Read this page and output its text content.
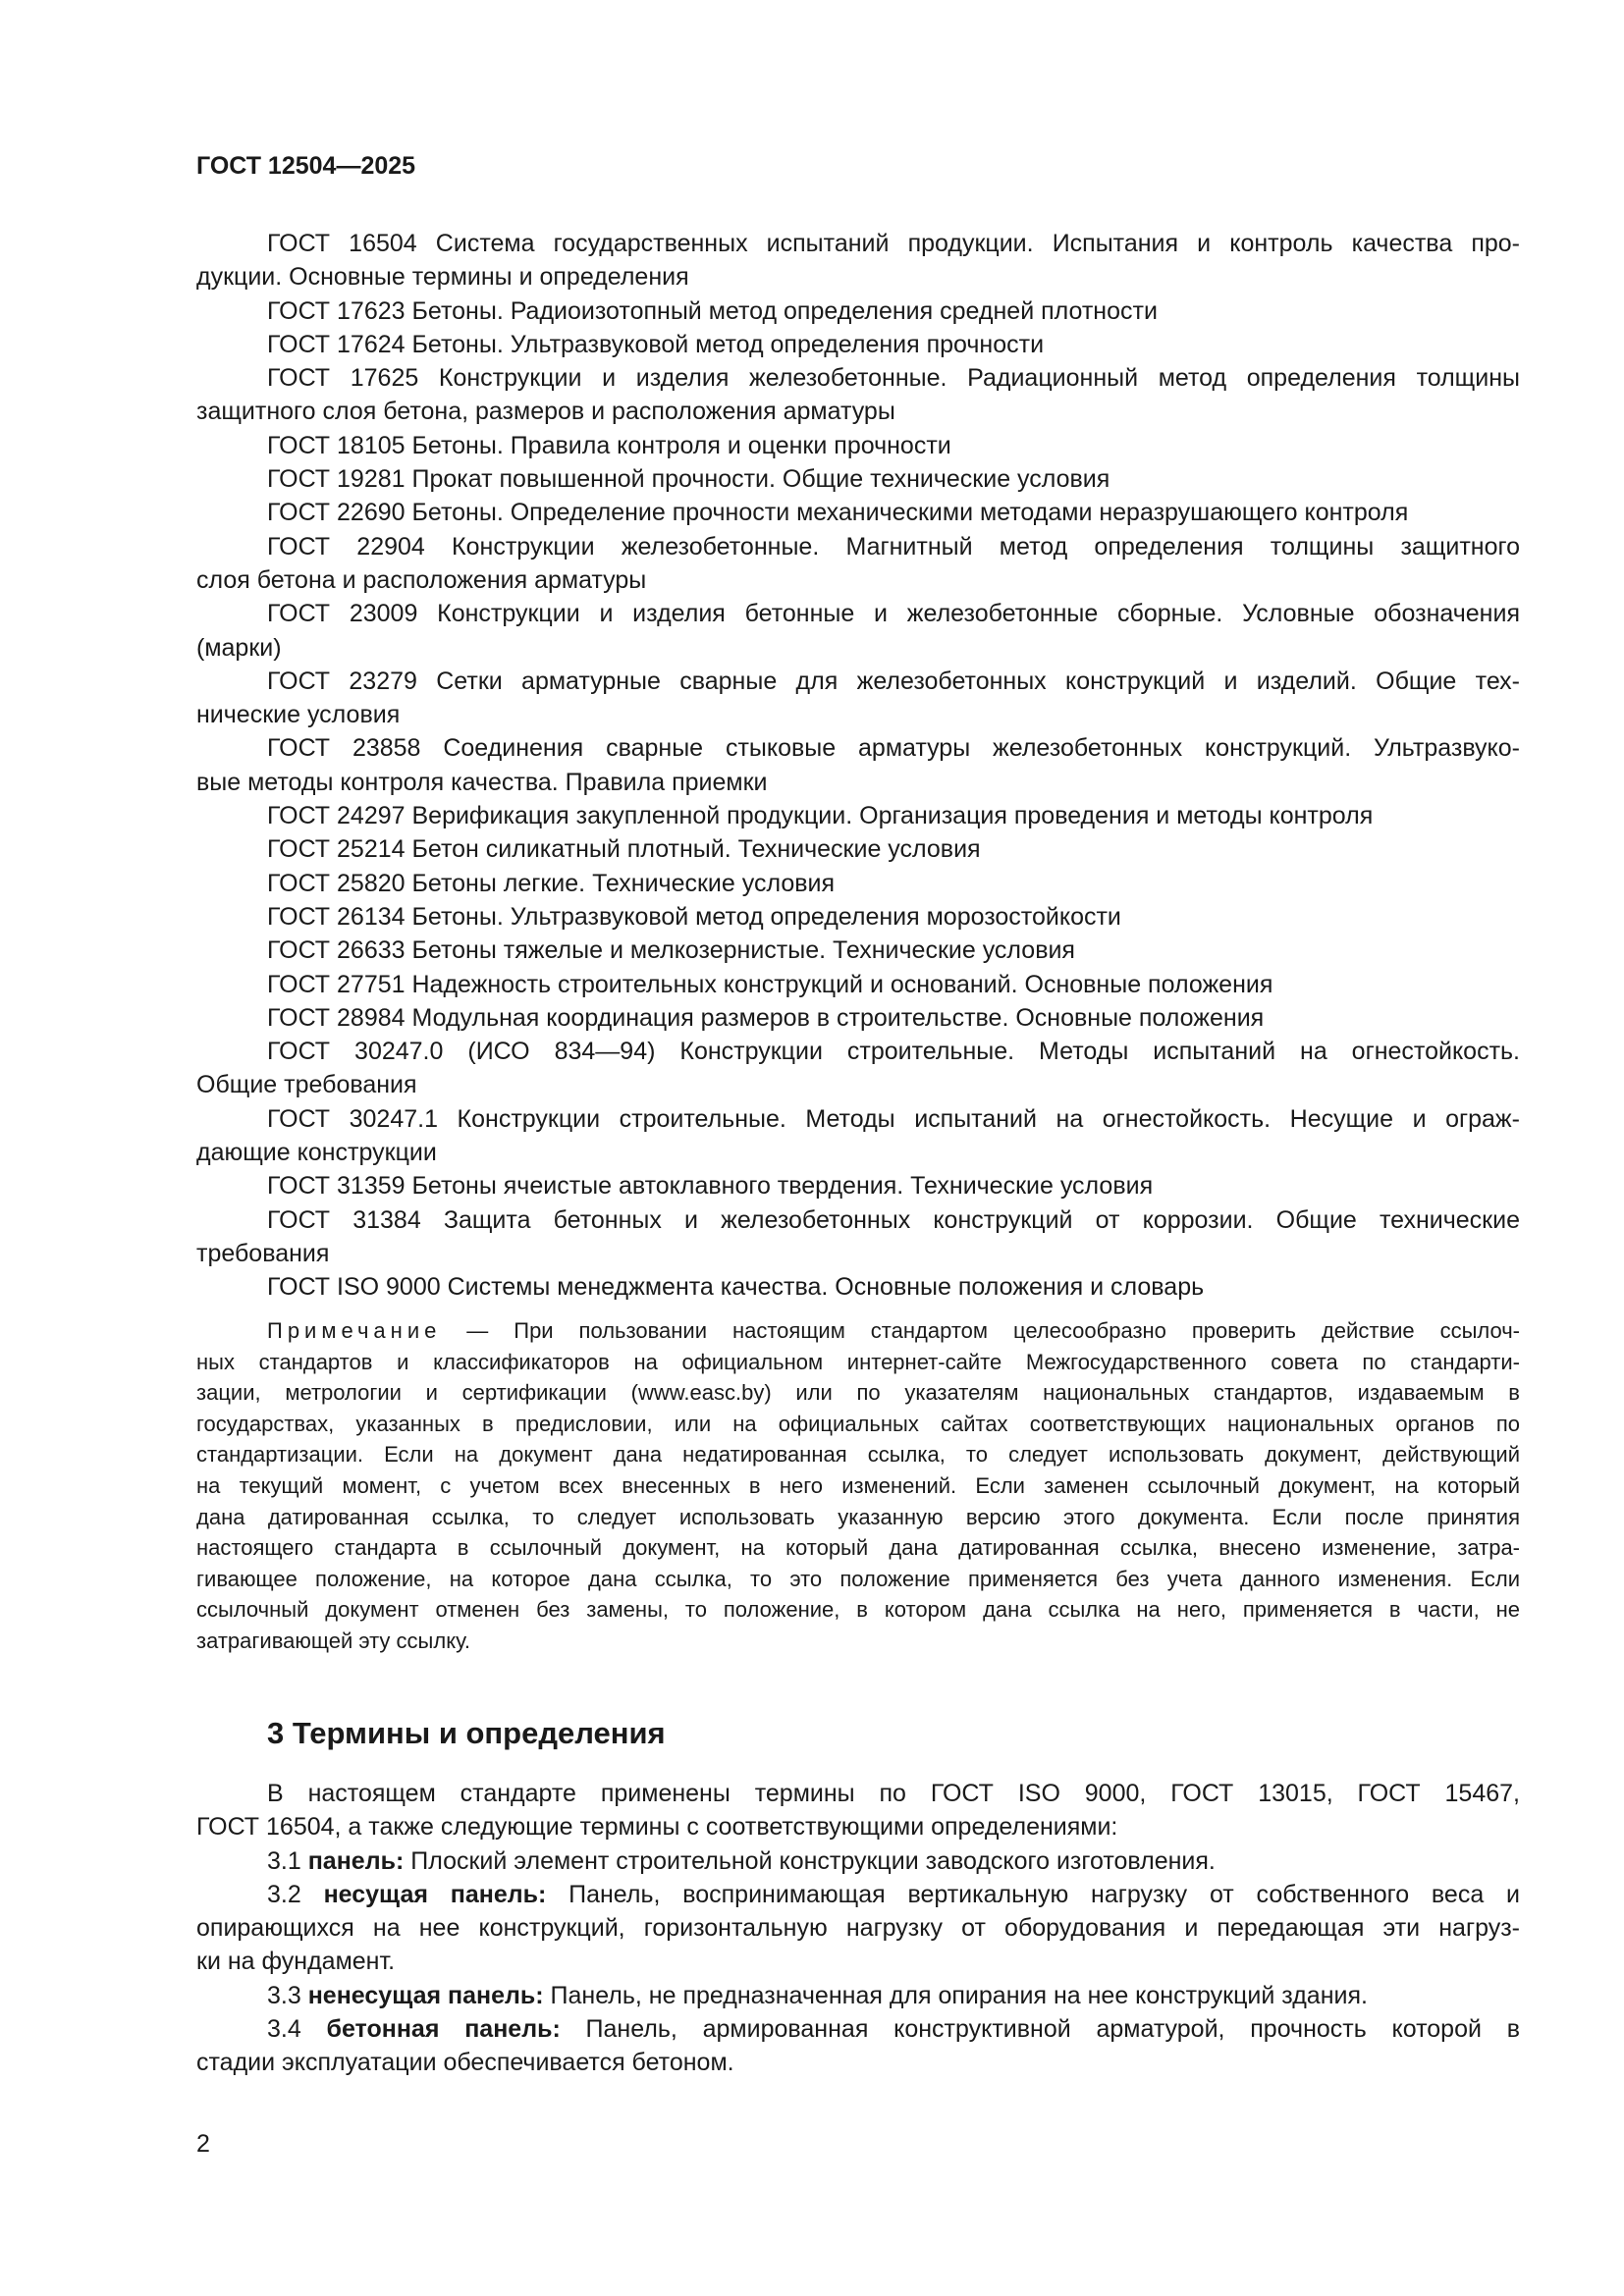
ГОСТ 12504—2025
ГОСТ 16504 Система государственных испытаний продукции. Испытания и контроль качества про-
дукции. Основные термины и определения
ГОСТ 17623 Бетоны. Радиоизотопный метод определения средней плотности
ГОСТ 17624 Бетоны. Ультразвуковой метод определения прочности
ГОСТ 17625 Конструкции и изделия железобетонные. Радиационный метод определения толщины
защитного слоя бетона, размеров и расположения арматуры
ГОСТ 18105 Бетоны. Правила контроля и оценки прочности
ГОСТ 19281 Прокат повышенной прочности. Общие технические условия
ГОСТ 22690 Бетоны. Определение прочности механическими методами неразрушающего контроля
ГОСТ 22904 Конструкции железобетонные. Магнитный метод определения толщины защитного
слоя бетона и расположения арматуры
ГОСТ 23009 Конструкции и изделия бетонные и железобетонные сборные. Условные обозначения
(марки)
ГОСТ 23279 Сетки арматурные сварные для железобетонных конструкций и изделий. Общие тех-
нические условия
ГОСТ 23858 Соединения сварные стыковые арматуры железобетонных конструкций. Ультразвуко-
вые методы контроля качества. Правила приемки
ГОСТ 24297 Верификация закупленной продукции. Организация проведения и методы контроля
ГОСТ 25214 Бетон силикатный плотный. Технические условия
ГОСТ 25820 Бетоны легкие. Технические условия
ГОСТ 26134 Бетоны. Ультразвуковой метод определения морозостойкости
ГОСТ 26633 Бетоны тяжелые и мелкозернистые. Технические условия
ГОСТ 27751 Надежность строительных конструкций и оснований. Основные положения
ГОСТ 28984 Модульная координация размеров в строительстве. Основные положения
ГОСТ 30247.0 (ИСО 834—94) Конструкции строительные. Методы испытаний на огнестойкость.
Общие требования
ГОСТ 30247.1 Конструкции строительные. Методы испытаний на огнестойкость. Несущие и ограж-
дающие конструкции
ГОСТ 31359 Бетоны ячеистые автоклавного твердения. Технические условия
ГОСТ 31384 Защита бетонных и железобетонных конструкций от коррозии. Общие технические
требования
ГОСТ ISO 9000 Системы менеджмента качества. Основные положения и словарь
Примечание — При пользовании настоящим стандартом целесообразно проверить действие ссылоч-
ных стандартов и классификаторов на официальном интернет-сайте Межгосударственного совета по стандарти-
зации, метрологии и сертификации (www.easc.by) или по указателям национальных стандартов, издаваемым в
государствах, указанных в предисловии, или на официальных сайтах соответствующих национальных органов по
стандартизации. Если на документ дана недатированная ссылка, то следует использовать документ, действующий
на текущий момент, с учетом всех внесенных в него изменений. Если заменен ссылочный документ, на который
дана датированная ссылка, то следует использовать указанную версию этого документа. Если после принятия
настоящего стандарта в ссылочный документ, на который дана датированная ссылка, внесено изменение, затра-
гивающее положение, на которое дана ссылка, то это положение применяется без учета данного изменения. Если
ссылочный документ отменен без замены, то положение, в котором дана ссылка на него, применяется в части, не
затрагивающей эту ссылку.
3 Термины и определения
В настоящем стандарте применены термины по ГОСТ ISO 9000, ГОСТ 13015, ГОСТ 15467,
ГОСТ 16504, а также следующие термины с соответствующими определениями:
3.1 панель: Плоский элемент строительной конструкции заводского изготовления.
3.2 несущая панель: Панель, воспринимающая вертикальную нагрузку от собственного веса и
опирающихся на нее конструкций, горизонтальную нагрузку от оборудования и передающая эти нагруз-
ки на фундамент.
3.3 ненесущая панель: Панель, не предназначенная для опирания на нее конструкций здания.
3.4 бетонная панель: Панель, армированная конструктивной арматурой, прочность которой в
стадии эксплуатации обеспечивается бетоном.
2
